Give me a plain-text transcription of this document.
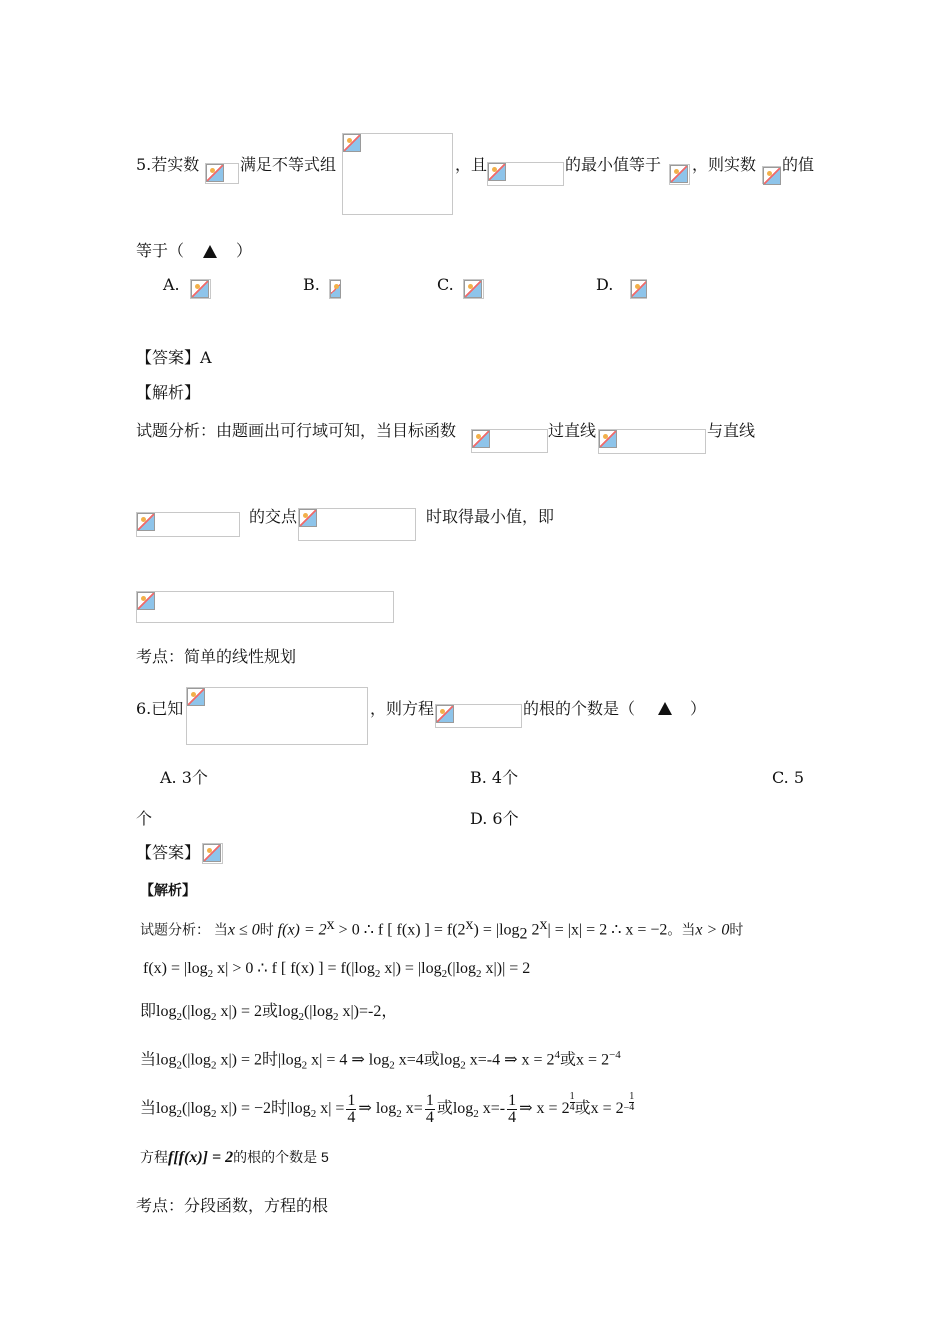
5.若实数	满足不等式组	，且	的最小值等于 ，则实数 的值
等于（	）
A.	B.	C.	D.
【答案】A
【解析】
试题分析：由题画出可行域可知，当目标函数	过直线	与直线
的交点	时取得最小值，即
考点：简单的线性规划
6.已知	，则方程	的根的个数是（	）
A. 3个	B. 4个	C. 5
个	D. 6个
【答案】
【解析】
试题分析： 当x ≤ 0时 $f(x) = 2^x > 0$ ∴ f [ f(x) ] = $f(2^x) = |\log_2$ $2^x| = |x| = 2$ ∴ x = −2。当x > 0时
$f(x) = |\log_2$ x| > 0 ∴ f [ f(x) ] = $f(|\log_2$ $x|) = |\log_2(|\log_2$ x|)| = 2
即$\log_2(|\log_2$ x|) = 2或$\log_2(|\log_2$ x|)=-2，
当$\log_2(|\log_2$ x|) = 2时$|\log_2$ x| = 4 ⇒ $\log_2 x=4$或$\log_2 x=-4$ ⇒ $x = 2^4$或$x = 2^{-4}$
当$\log_2(|\log_2$ x|) = −2时$|\log_2$ $x| = \frac{1}{4}$ ⇒ $\log_2 x= \frac{1}{4}$ 或$\log_2 x=- \frac{1}{4}$ ⇒ $x = 2 \frac{1}{4}$ 或$x = 2^- \frac{1}{4}$
方程f[f(x)] = 2的根的个数是 5
考点：分段函数，方程的根
